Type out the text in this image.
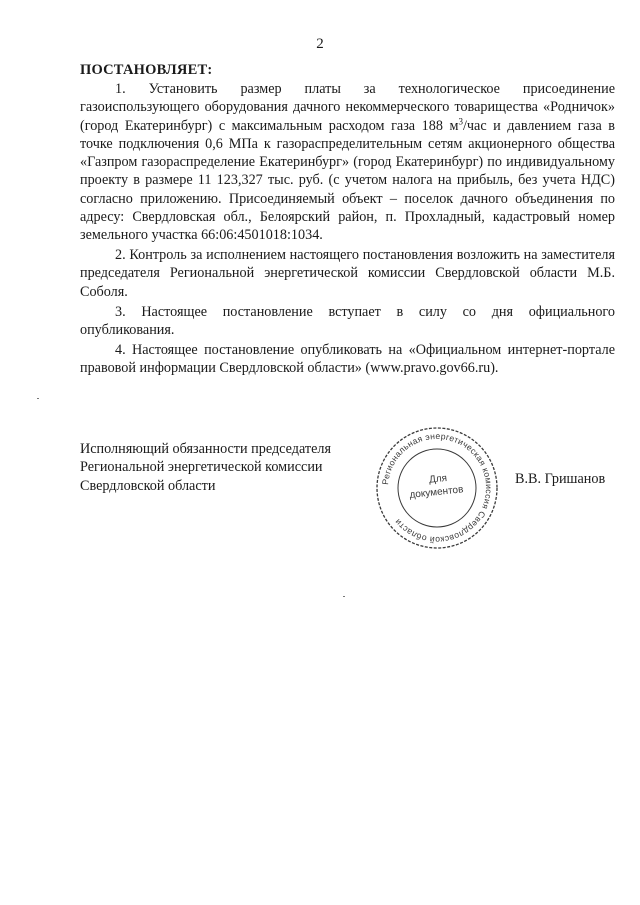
2
ПОСТАНОВЛЯЕТ:

1. Установить размер платы за технологическое присоединение газоиспользующего оборудования дачного некоммерческого товарищества «Родничок» (город Екатеринбург) с максимальным расходом газа 188 $м^3$/час и давлением газа в точке подключения 0,6 МПа к газораспределительным сетям акционерного общества «Газпром газораспределение Екатеринбург» (город Екатеринбург) по индивидуальному проекту в размере 11 123,327 тыс. руб. (с учетом налога на прибыль, без учета НДС) согласно приложению. Присоединяемый объект – поселок дачного объединения по адресу: Свердловская обл., Белоярский район, п. Прохладный, кадастровый номер земельного участка 66:06:4501018:1034.

2. Контроль за исполнением настоящего постановления возложить на заместителя председателя Региональной энергетической комиссии Свердловской области М.Б. Соболя.

3. Настоящее постановление вступает в силу со дня официального опубликования.

4. Настоящее постановление опубликовать на «Официальном интернет-портале правовой информации Свердловской области» (www.pravo.gov66.ru).

Исполняющий обязанности председателя
Региональной энергетической комиссии
Свердловской области	Региональная энергетическая комиссия Свердловской области
Для
документов
В.В. Гришанов
